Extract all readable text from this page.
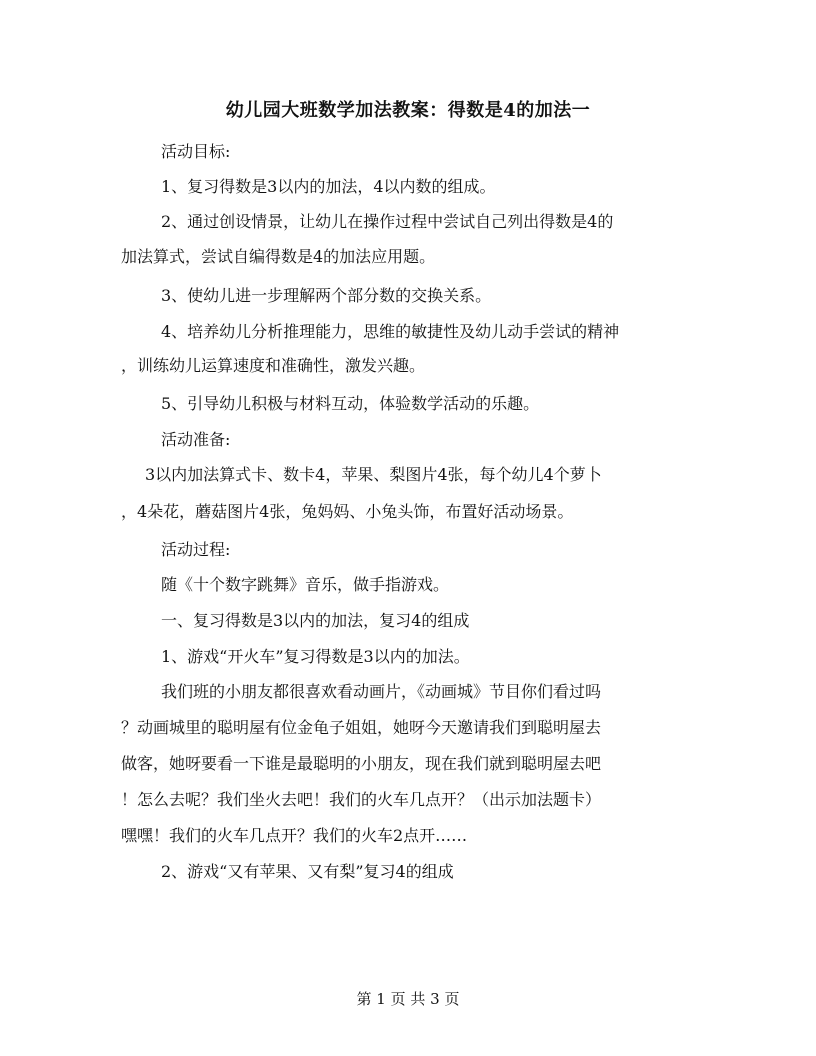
幼儿园大班数学加法教案：得数是4的加法一
活动目标:
1、复习得数是3以内的加法，4以内数的组成。
2、通过创设情景，让幼儿在操作过程中尝试自己列出得数是4的
加法算式，尝试自编得数是4的加法应用题。
3、使幼儿进一步理解两个部分数的交换关系。
4、培养幼儿分析推理能力，思维的敏捷性及幼儿动手尝试的精神
，训练幼儿运算速度和准确性，激发兴趣。
5、引导幼儿积极与材料互动，体验数学活动的乐趣。
活动准备:
3以内加法算式卡、数卡4，苹果、梨图片4张，每个幼儿4个萝卜
，4朵花，蘑菇图片4张，兔妈妈、小兔头饰，布置好活动场景。
活动过程:
随《十个数字跳舞》音乐，做手指游戏。
一、复习得数是3以内的加法，复习4的组成
1、游戏“开火车”复习得数是3以内的加法。
我们班的小朋友都很喜欢看动画片，《动画城》节目你们看过吗
？动画城里的聪明屋有位金龟子姐姐，她呀今天邀请我们到聪明屋去
做客，她呀要看一下谁是最聪明的小朋友，现在我们就到聪明屋去吧
！怎么去呢？我们坐火去吧！我们的火车几点开？（出示加法题卡）
嘿嘿！我们的火车几点开？我们的火车2点开……
2、游戏“又有苹果、又有梨”复习4的组成
第 1 页 共 3 页
